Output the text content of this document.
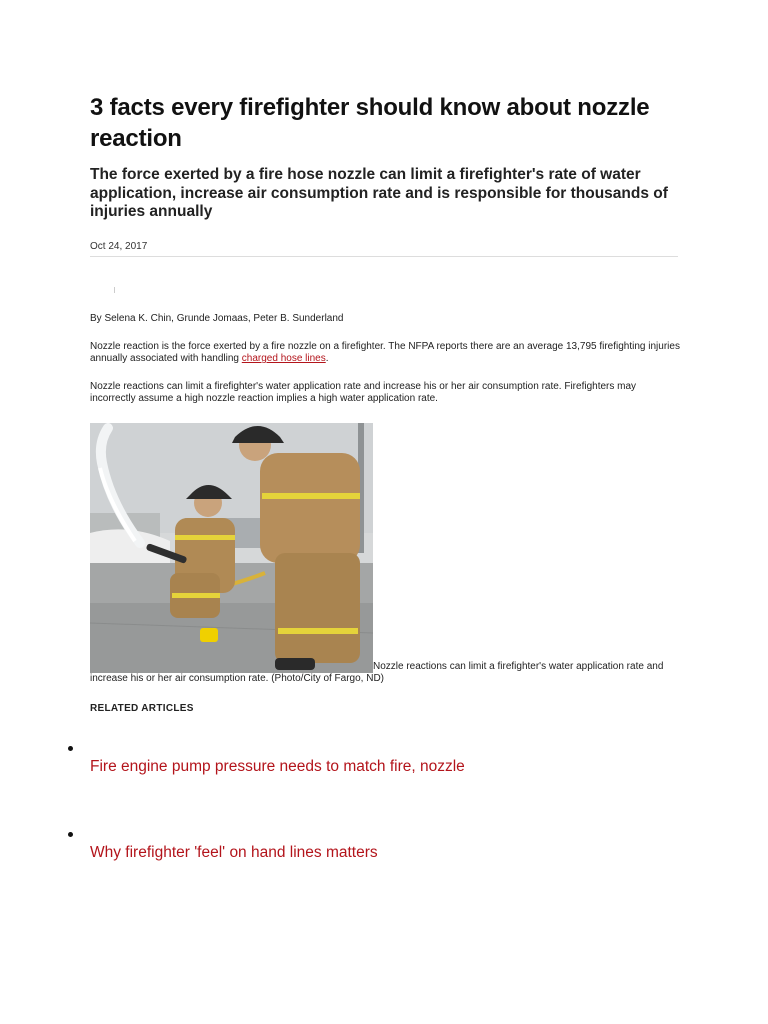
3 facts every firefighter should know about nozzle reaction
The force exerted by a fire hose nozzle can limit a firefighter's rate of water application, increase air consumption rate and is responsible for thousands of injuries annually
Oct 24, 2017
By Selena K. Chin, Grunde Jomaas, Peter B. Sunderland

Nozzle reaction is the force exerted by a fire nozzle on a firefighter. The NFPA reports there are an average 13,795 firefighting injuries annually associated with handling charged hose lines.

Nozzle reactions can limit a firefighter's water application rate and increase his or her air consumption rate. Firefighters may incorrectly assume a high nozzle reaction implies a high water application rate.

Nozzle reactions can limit a firefighter's water application rate and increase his or her air consumption rate. (Photo/City of Fargo, ND)
RELATED ARTICLES
Fire engine pump pressure needs to match fire, nozzle
Why firefighter 'feel' on hand lines matters
